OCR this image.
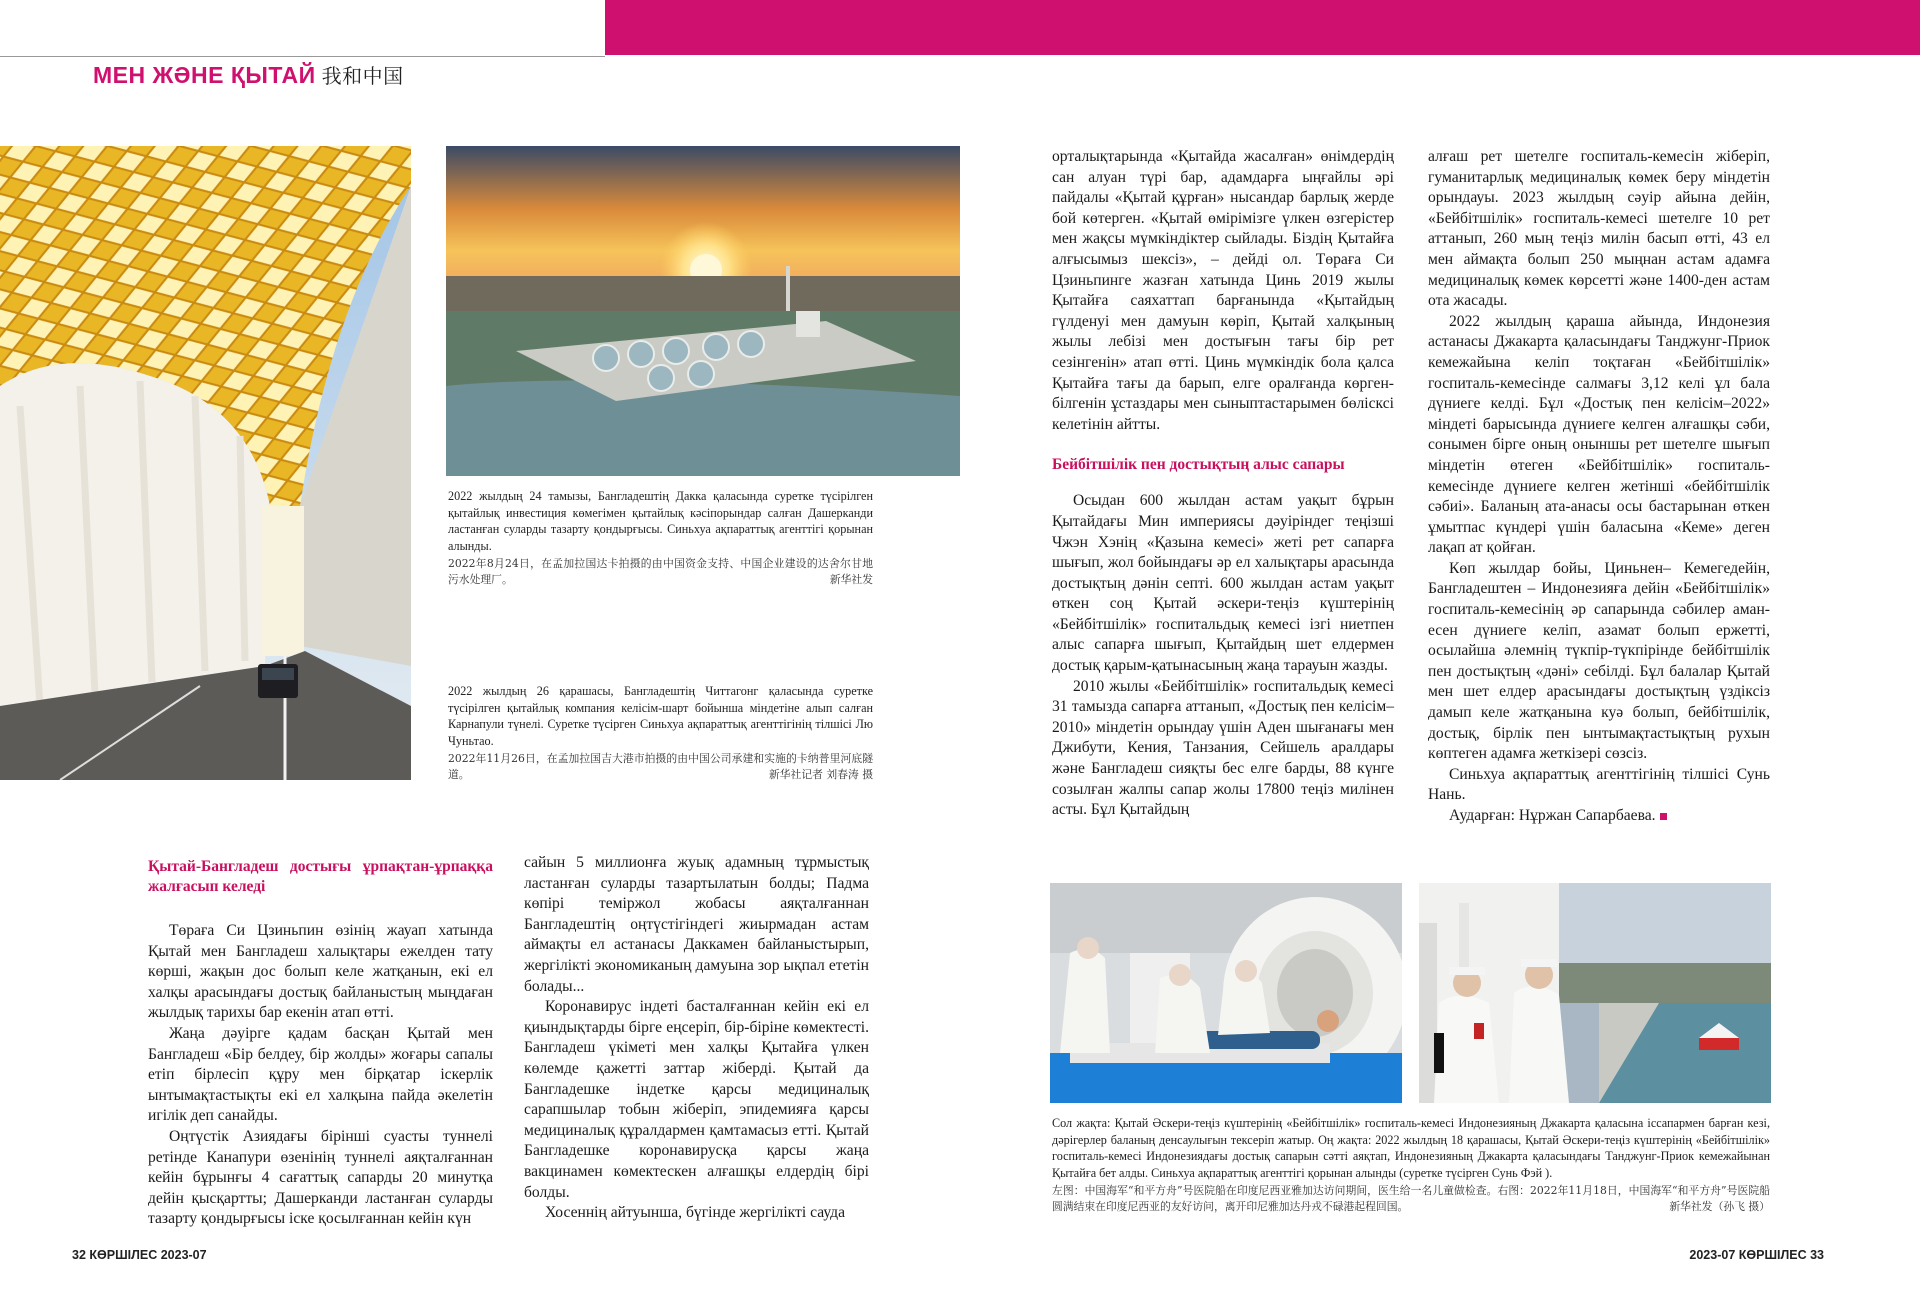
МЕН ЖӘНЕ ҚЫТАЙ 我和中国
2022 жылдың 24 тамызы, Бангладештің Дакка қаласында суретке түсірілген қытайлық инвестиция көмегімен қытайлық кәсіпорындар салған Дашерканди ластанған суларды тазарту қондырғысы. Синьхуа ақпараттық агенттігі қорынан алынды.
2022年8月24日，在孟加拉国达卡拍摄的由中国资金支持、中国企业建设的达舍尔甘地污水处理厂。	新华社发
2022 жылдың 26 қарашасы, Бангладештің Читтагонг қаласында суретке түсірілген қытайлық компания келісім-шарт бойынша міндетіне алып салған Карнапули түнелі. Суретке түсірген Синьхуа ақпараттық агенттігінің тілшісі Лю Чуньтао.
2022年11月26日，在孟加拉国吉大港市拍摄的由中国公司承建和实施的卡纳普里河底隧道。	新华社记者 刘春涛 摄
Қытай-Бангладеш достығы ұрпақтан-ұрпаққа жалғасып келеді

Төраға Си Цзиньпин өзінің жауап хатында Қытай мен Бангладеш халықтары ежелден тату көрші, жақын дос болып келе жатқанын, екі ел халқы арасындағы достық байланыстың мыңдаған жылдық тарихы бар екенін атап өтті.

Жаңа дәуірге қадам басқан Қытай мен Бангладеш «Бір белдеу, бір жолды» жоғары сапалы етіп бірлесіп құру мен бірқатар іскерлік ынтымақтастықты екі ел халқына пайда әкелетін игілік деп санайды.

Оңтүстік Азиядағы бірінші суасты туннелі ретінде Канапури өзенінің туннелі аяқталғаннан кейін бұрынғы 4 сағаттық сапарды 20 минутқа дейін қысқартты; Дашерканди ластанған суларды тазарту қондырғысы іске қосылғаннан кейін күн

сайын 5 миллионға жуық адамның тұрмыстық ластанған суларды тазартылатын болды; Падма көпірі теміржол жобасы аяқталғаннан Бангладештің оңтүстігіндегі жиырмадан астам аймақты ел астанасы Даккамен байланыстырып, жергілікті экономиканың дамуына зор ықпал ететін болады...

Коронавирус індеті басталғаннан кейін екі ел қиындықтарды бірге еңсеріп, бір-біріне көмектесті. Бангладеш үкіметі мен халқы Қытайға үлкен көлемде қажетті заттар жіберді. Қытай да Бангладешке індетке қарсы медициналық сарапшылар тобын жіберіп, эпидемияға қарсы медициналық құралдармен қамтамасыз етті. Қытай Бангладешке коронавирусқа қарсы жаңа вакцинамен көмектескен алғашқы елдердің бірі болды.

Хосеннің айтуынша, бүгінде жергілікті сауда

орталықтарында «Қытайда жасалған» өнімдердің сан алуан түрі бар, адамдарға ыңғайлы әрі пайдалы «Қытай құрған» нысандар барлық жерде бой көтерген. «Қытай өмірімізге үлкен өзгерістер мен жақсы мүмкіндіктер сыйлады. Біздің Қытайға алғысымыз шексіз», – дейді ол. Төраға Си Цзиньпинге жазған хатында Цинь 2019 жылы Қытайға саяхаттап барғанында «Қытайдың гүлденуі мен дамуын көріп, Қытай халқының жылы лебізі мен достығын тағы бір рет сезінгенін» атап өтті. Цинь мүмкіндік бола қалса Қытайға тағы да барып, елге оралғанда көрген-білгенін ұстаздары мен сыныптастарымен бөлісксі келетінін айтты.

Бейбітшілік пен достықтың алыс сапары

Осыдан 600 жылдан астам уақыт бұрын Қытайдағы Мин империясы дәуіріндег теңізші Чжэн Хэнің «Қазына кемесі» жеті рет сапарға шығып, жол бойындағы әр ел халықтары арасында достықтың дәнін септі. 600 жылдан астам уақыт өткен соң Қытай әскери-теңіз күштерінің «Бейбітшілік» госпитальдық кемесі ізгі ниетпен алыс сапарға шығып, Қытайдың шет елдермен достық қарым-қатынасының жаңа тарауын жазды.

2010 жылы «Бейбітшілік» госпитальдық кемесі 31 тамызда сапарға аттанып, «Достық пен келісім–2010» міндетін орындау үшін Аден шығанағы мен Джибути, Кения, Танзания, Сейшель аралдары және Бангладеш сияқты бес елге барды, 88 күнге созылған жалпы сапар жолы 17800 теңіз милінен асты. Бұл Қытайдың

алғаш рет шетелге госпиталь-кемесін жіберіп, гуманитарлық медициналық көмек беру міндетін орындауы. 2023 жылдың сәуір айына дейін, «Бейбітшілік» госпиталь-кемесі шетелге 10 рет аттанып, 260 мың теңіз милін басып өтті, 43 ел мен аймақта болып 250 мыңнан астам адамға медициналық көмек көрсетті және 1400-ден астам ота жасады.

2022 жылдың қараша айында, Индонезия астанасы Джакарта қаласындағы Танджунг-Приок кемежайына келіп тоқтаған «Бейбітшілік» госпиталь-кемесінде салмағы 3,12 келі ұл бала дүниеге келді. Бұл «Достық пен келісім–2022» міндеті барысында дүниеге келген алғашқы сәби, сонымен бірге оның оныншы рет шетелге шығып міндетін өтеген «Бейбітшілік» госпиталь-кемесінде дүниеге келген жетінші «бейбітшілік сәбиі». Баланың ата-анасы осы бастарынан өткен ұмытпас күндері үшін баласына «Кеме» деген лақап ат қойған.

Көп жылдар бойы, Циньнен– Кемегедейін, Бангладештен – Индонезияға дейін «Бейбітшілік» госпиталь-кемесінің әр сапарында сәбилер аман-есен дүниеге келіп, азамат болып ержетті, осылайша әлемнің түкпір-түкпірінде бейбітшілік пен достықтың «дәні» себілді. Бұл балалар Қытай мен шет елдер арасындағы достықтың үздіксіз дамып келе жатқанына куә болып, бейбітшілік, достық, бірлік пен ынтымақтастықтың рухын көптеген адамға жеткізері сөзсіз.

Синьхуа ақпараттық агенттігінің тілшісі Сунь Нань.

Аударған: Нұржан Сапарбаева.

Сол жақта: Қытай Әскери-теңіз күштерінің «Бейбітшілік» госпиталь-кемесі Индонезияның Джакарта қаласына іссапармен барған кезі, дәрігерлер баланың денсаулығын тексеріп жатыр. Оң жақта: 2022 жылдың 18 қарашасы, Қытай Әскери-теңіз күштерінің «Бейбітшілік» госпиталь-кемесі Индонезиядағы достық сапарын сәтті аяқтап, Индонезияның Джакарта қаласындағы Танджунг-Приок кемежайынан Қытайға бет алды. Синьхуа ақпараттық агенттігі қорынан алынды (суретке түсірген Сунь Фэй ).
左图：中国海军“和平方舟”号医院船在印度尼西亚雅加达访问期间，医生给一名儿童做检查。右图：2022年11月18日，中国海军“和平方舟”号医院船圆满结束在印度尼西亚的友好访问，离开印尼雅加达丹戎不碌港起程回国。	新华社发（孙飞 摄）
32 КӨРШІЛЕС 2023-07	2023-07 КӨРШІЛЕС 33
